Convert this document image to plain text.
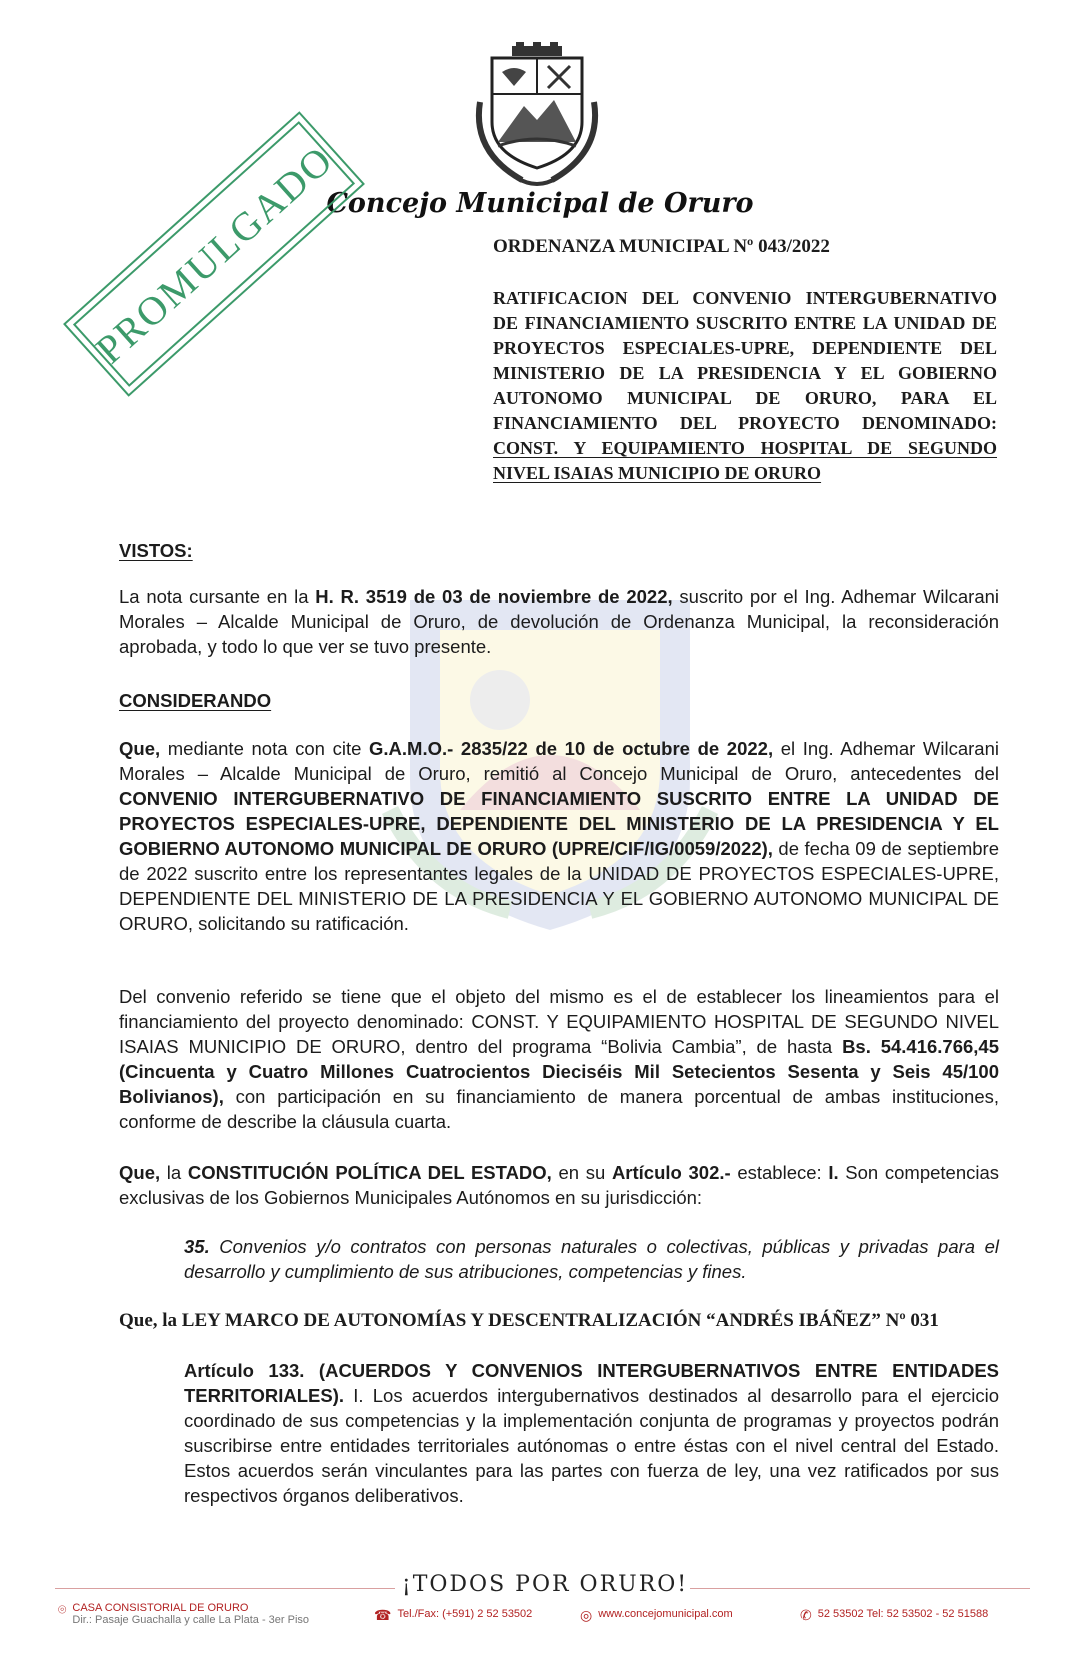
Concejo Municipal de Oruro
PROMULGADO	ORDENANZA MUNICIPAL Nº 043/2022
RATIFICACION DEL CONVENIO INTERGUBERNATIVO DE FINANCIAMIENTO SUSCRITO ENTRE LA UNIDAD DE PROYECTOS ESPECIALES-UPRE, DEPENDIENTE DEL MINISTERIO DE LA PRESIDENCIA Y EL GOBIERNO AUTONOMO MUNICIPAL DE ORURO, PARA EL FINANCIAMIENTO DEL PROYECTO DENOMINADO: CONST. Y EQUIPAMIENTO HOSPITAL DE SEGUNDO NIVEL ISAIAS MUNICIPIO DE ORURO
VISTOS:
La nota cursante en la H. R. 3519 de 03 de noviembre de 2022, suscrito por el Ing. Adhemar Wilcarani Morales – Alcalde Municipal de Oruro, de devolución de Ordenanza Municipal, la reconsideración aprobada, y todo lo que ver se tuvo presente.
CONSIDERANDO
Que, mediante nota con cite G.A.M.O.- 2835/22 de 10 de octubre de 2022, el Ing. Adhemar Wilcarani Morales – Alcalde Municipal de Oruro, remitió al Concejo Municipal de Oruro, antecedentes del CONVENIO INTERGUBERNATIVO DE FINANCIAMIENTO SUSCRITO ENTRE LA UNIDAD DE PROYECTOS ESPECIALES-UPRE, DEPENDIENTE DEL MINISTERIO DE LA PRESIDENCIA Y EL GOBIERNO AUTONOMO MUNICIPAL DE ORURO (UPRE/CIF/IG/0059/2022), de fecha 09 de septiembre de 2022 suscrito entre los representantes legales de la UNIDAD DE PROYECTOS ESPECIALES-UPRE, DEPENDIENTE DEL MINISTERIO DE LA PRESIDENCIA Y EL GOBIERNO AUTONOMO MUNICIPAL DE ORURO, solicitando su ratificación.
Del convenio referido se tiene que el objeto del mismo es el de establecer los lineamientos para el financiamiento del proyecto denominado: CONST. Y EQUIPAMIENTO HOSPITAL DE SEGUNDO NIVEL ISAIAS MUNICIPIO DE ORURO, dentro del programa “Bolivia Cambia”, de hasta Bs. 54.416.766,45 (Cincuenta y Cuatro Millones Cuatrocientos Dieciséis Mil Setecientos Sesenta y Seis 45/100 Bolivianos), con participación en su financiamiento de manera porcentual de ambas instituciones, conforme de describe la cláusula cuarta.
Que, la CONSTITUCIÓN POLÍTICA DEL ESTADO, en su Artículo 302.- establece: I. Son competencias exclusivas de los Gobiernos Municipales Autónomos en su jurisdicción:
35. Convenios y/o contratos con personas naturales o colectivas, públicas y privadas para el desarrollo y cumplimiento de sus atribuciones, competencias y fines.
Que, la LEY MARCO DE AUTONOMÍAS Y DESCENTRALIZACIÓN “ANDRÉS IBÁÑEZ” Nº 031
Artículo 133. (ACUERDOS Y CONVENIOS INTERGUBERNATIVOS ENTRE ENTIDADES TERRITORIALES). I. Los acuerdos intergubernativos destinados al desarrollo para el ejercicio coordinado de sus competencias y la implementación conjunta de programas y proyectos podrán suscribirse entre entidades territoriales autónomas o entre éstas con el nivel central del Estado. Estos acuerdos serán vinculantes para las partes con fuerza de ley, una vez ratificados por sus respectivos órganos deliberativos.
¡TODOS POR ORURO!
⌾ CASA CONSISTORIAL DE ORURO
Dir.: Pasaje Guachalla y calle La Plata - 3er Piso	☎ Tel./Fax: (+591) 2 52 53502	◎ www.concejomunicipal.com	✆ 52 53502 Tel: 52 53502 - 52 51588
